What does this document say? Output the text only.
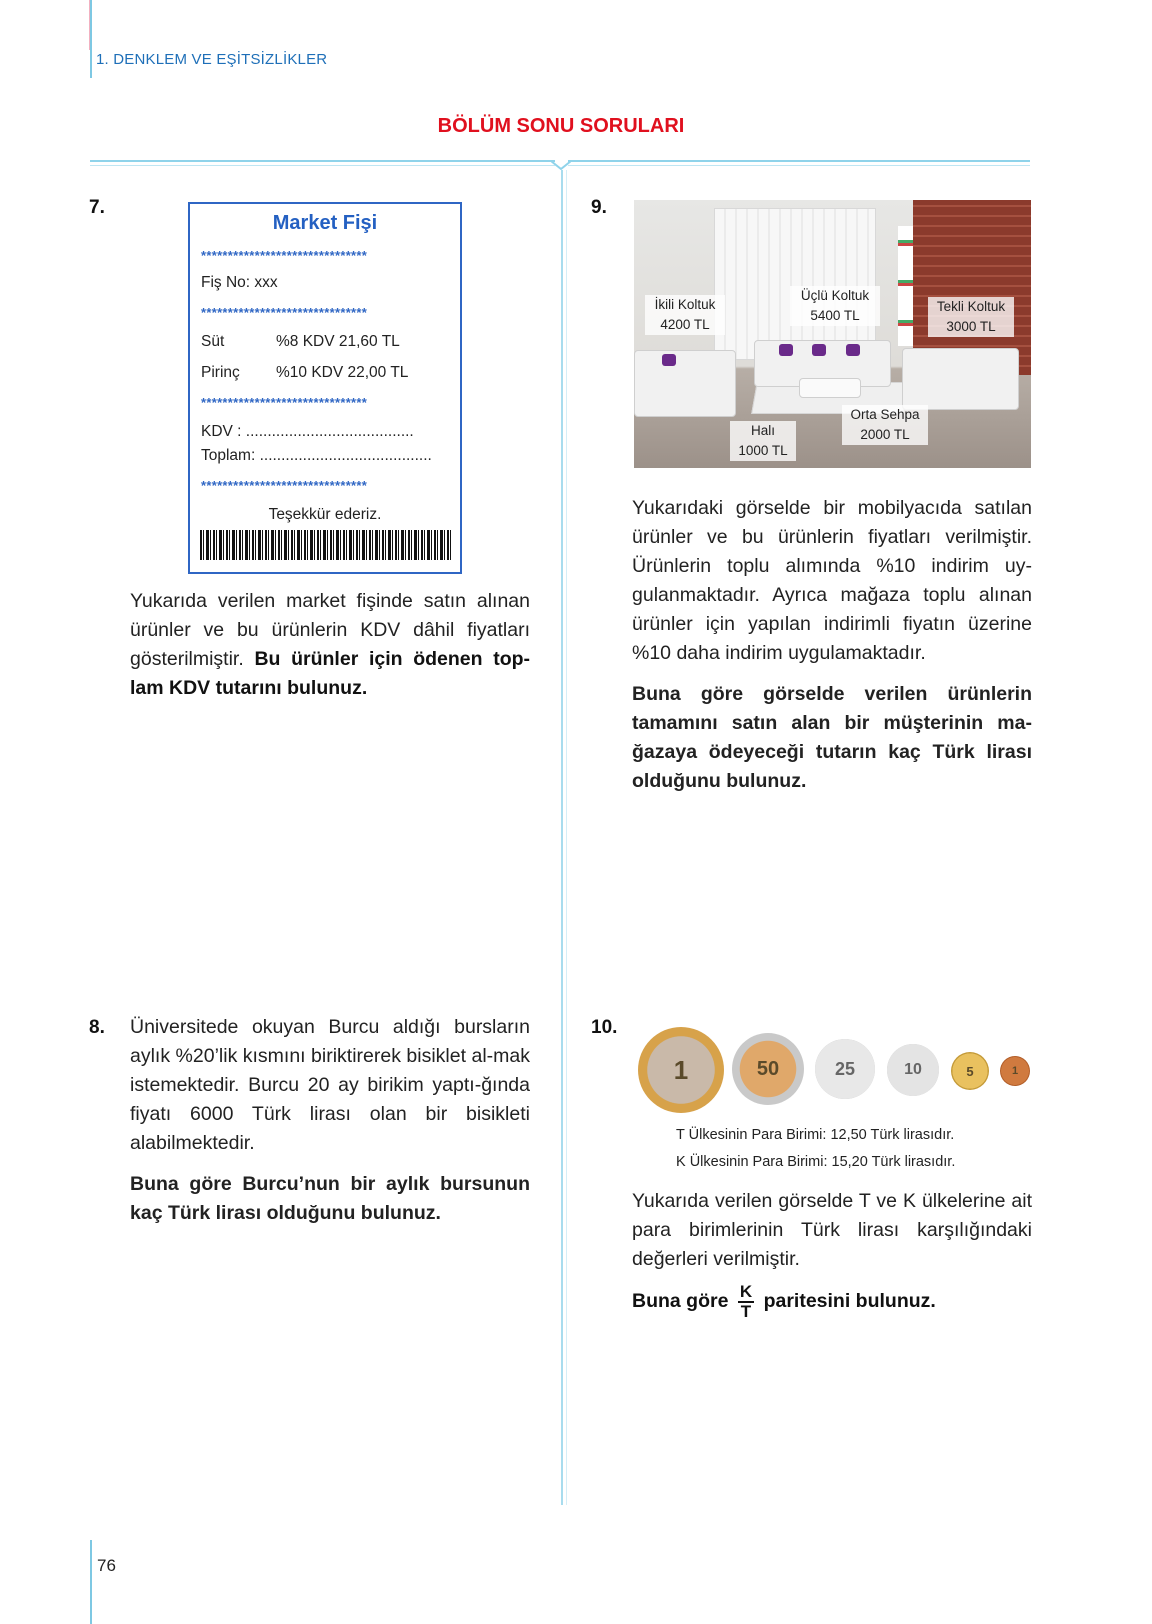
1. DENKLEM VE EŞİTSİZLİKLER
BÖLÜM SONU SORULARI
7.
Market Fişi
*******************************
Fiş No: xxx
*******************************
Süt	%8 KDV 21,60 TL
Pirinç %10 KDV 22,00 TL
*******************************
KDV : .......................................
Toplam: ........................................
*******************************
Teşekkür ederiz.
Yukarıda verilen market fişinde satın alınan ürünler ve bu ürünlerin KDV dâhil fiyatları gösterilmiştir. Bu ürünler için ödenen top-lam KDV tutarını bulunuz.
8. Üniversitede okuyan Burcu aldığı bursların aylık %20’lik kısmını biriktirerek bisiklet al-mak istemektedir. Burcu 20 ay birikim yaptı-ğında fiyatı 6000 Türk lirası olan bir bisikleti alabilmektedir.
Buna göre Burcu’nun bir aylık bursunun kaç Türk lirası olduğunu bulunuz.
9.
İkili Koltuk
4200 TL
Üçlü Koltuk
5400 TL
Tekli Koltuk
3000 TL
Halı
1000 TL
Orta Sehpa
2000 TL
Yukarıdaki görselde bir mobilyacıda satılan ürünler ve bu ürünlerin fiyatları verilmiştir. Ürünlerin toplu alımında %10 indirim uy-gulanmaktadır. Ayrıca mağaza toplu alınan ürünler için yapılan indirimli fiyatın üzerine %10 daha indirim uygulamaktadır.
Buna göre görselde verilen ürünlerin tamamını satın alan bir müşterinin ma-ğazaya ödeyeceği tutarın kaç Türk lirası olduğunu bulunuz.
10.
1	50	25	10	5	1
T Ülkesinin Para Birimi: 12,50 Türk lirasıdır.
K Ülkesinin Para Birimi: 15,20 Türk lirasıdır.
Yukarıda verilen görselde T ve K ülkelerine ait para birimlerinin Türk lirası karşılığındaki değerleri verilmiştir.
Buna göre $\frac{K}{T}$ paritesini bulunuz.
76
